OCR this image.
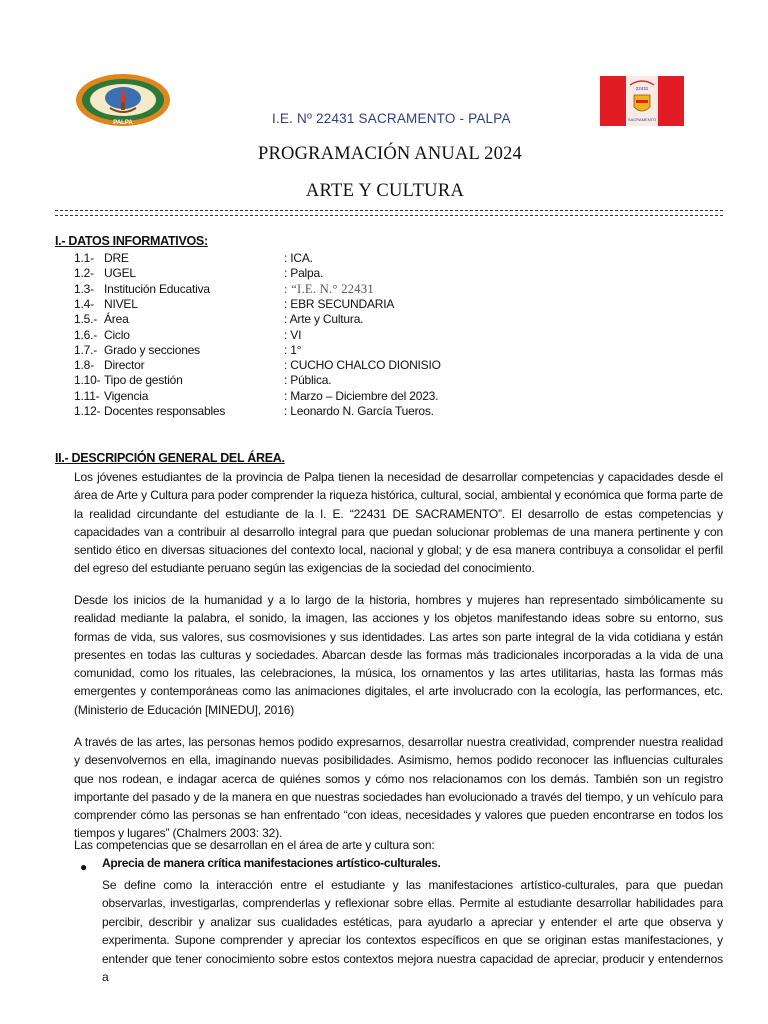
PALPA
22431
SACRAMENTO
I.E. Nº 22431 SACRAMENTO - PALPA
PROGRAMACIÓN ANUAL 2024
ARTE Y CULTURA
I.- DATOS INFORMATIVOS:
1.1- DRE	: ICA.
1.2- UGEL	: Palpa.
1.3- Institución Educativa	: “I.E. N.° 22431
1.4- NIVEL	: EBR SECUNDARIA
1.5.- Área	: Arte y Cultura.
1.6.- Ciclo	: VI
1.7.- Grado y secciones	: 1°
1.8- Director	: CUCHO CHALCO DIONISIO
1.10- Tipo de gestión	: Pública.
1.11- Vigencia	: Marzo – Diciembre del 2023.
1.12- Docentes responsables	: Leonardo N. García Tueros.
II.- DESCRIPCIÓN GENERAL DEL ÁREA.
Los jóvenes estudiantes de la provincia de Palpa tienen la necesidad de desarrollar competencias y capacidades desde el área de Arte y Cultura para poder comprender la riqueza histórica, cultural, social, ambiental y económica que forma parte de la realidad circundante del estudiante de la I. E. “22431 DE SACRAMENTO”. El desarrollo de estas competencias y capacidades van a contribuir al desarrollo integral para que puedan solucionar problemas de una manera pertinente y con sentido ético en diversas situaciones del contexto local, nacional y global; y de esa manera contribuya a consolidar el perfil del egreso del estudiante peruano según las exigencias de la sociedad del conocimiento.
Desde los inicios de la humanidad y a lo largo de la historia, hombres y mujeres han representado simbólicamente su realidad mediante la palabra, el sonido, la imagen, las acciones y los objetos manifestando ideas sobre su entorno, sus formas de vida, sus valores, sus cosmovisiones y sus identidades. Las artes son parte integral de la vida cotidiana y están presentes en todas las culturas y sociedades. Abarcan desde las formas más tradicionales incorporadas a la vida de una comunidad, como los rituales, las celebraciones, la música, los ornamentos y las artes utilitarias, hasta las formas más emergentes y contemporáneas como las animaciones digitales, el arte involucrado con la ecología, las performances, etc. (Ministerio de Educación [MINEDU], 2016)
A través de las artes, las personas hemos podido expresarnos, desarrollar nuestra creatividad, comprender nuestra realidad y desenvolvernos en ella, imaginando nuevas posibilidades. Asimismo, hemos podido reconocer las influencias culturales que nos rodean, e indagar acerca de quiénes somos y cómo nos relacionamos con los demás. También son un registro importante del pasado y de la manera en que nuestras sociedades han evolucionado a través del tiempo, y un vehículo para comprender cómo las personas se han enfrentado “con ideas, necesidades y valores que pueden encontrarse en todos los tiempos y lugares” (Chalmers 2003: 32).
Las competencias que se desarrollan en el área de arte y cultura son:
● Aprecia de manera crítica manifestaciones artístico-culturales.
Se define como la interacción entre el estudiante y las manifestaciones artístico-culturales, para que puedan observarlas, investigarlas, comprenderlas y reflexionar sobre ellas. Permite al estudiante desarrollar habilidades para percibir, describir y analizar sus cualidades estéticas, para ayudarlo a apreciar y entender el arte que observa y experimenta. Supone comprender y apreciar los contextos específicos en que se originan estas manifestaciones, y entender que tener conocimiento sobre estos contextos mejora nuestra capacidad de apreciar, producir y entendernos a
